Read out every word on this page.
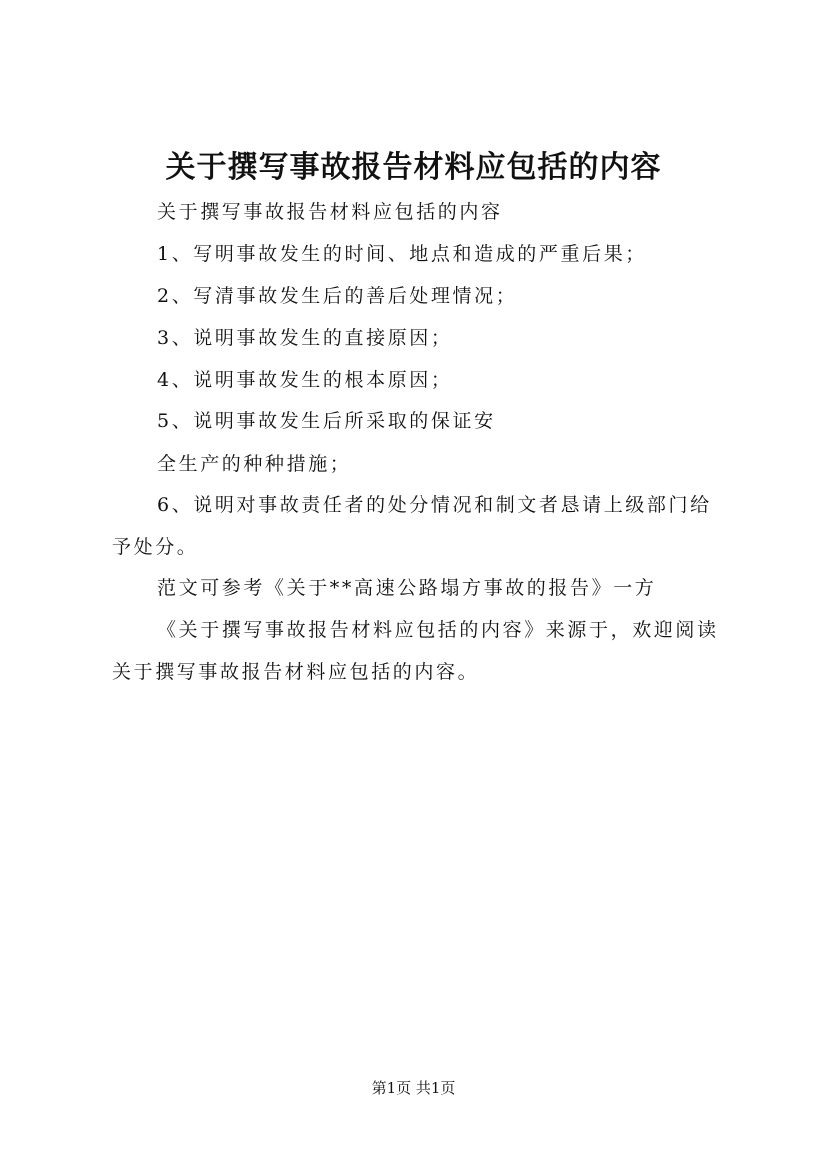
关于撰写事故报告材料应包括的内容
关于撰写事故报告材料应包括的内容
1、写明事故发生的时间、地点和造成的严重后果；
2、写清事故发生后的善后处理情况；
3、说明事故发生的直接原因；
4、说明事故发生的根本原因；
5、说明事故发生后所采取的保证安
全生产的种种措施；
6、说明对事故责任者的处分情况和制文者恳请上级部门给
予处分。
范文可参考《关于**高速公路塌方事故的报告》一方
《关于撰写事故报告材料应包括的内容》来源于，欢迎阅读
关于撰写事故报告材料应包括的内容。
第1页 共1页
